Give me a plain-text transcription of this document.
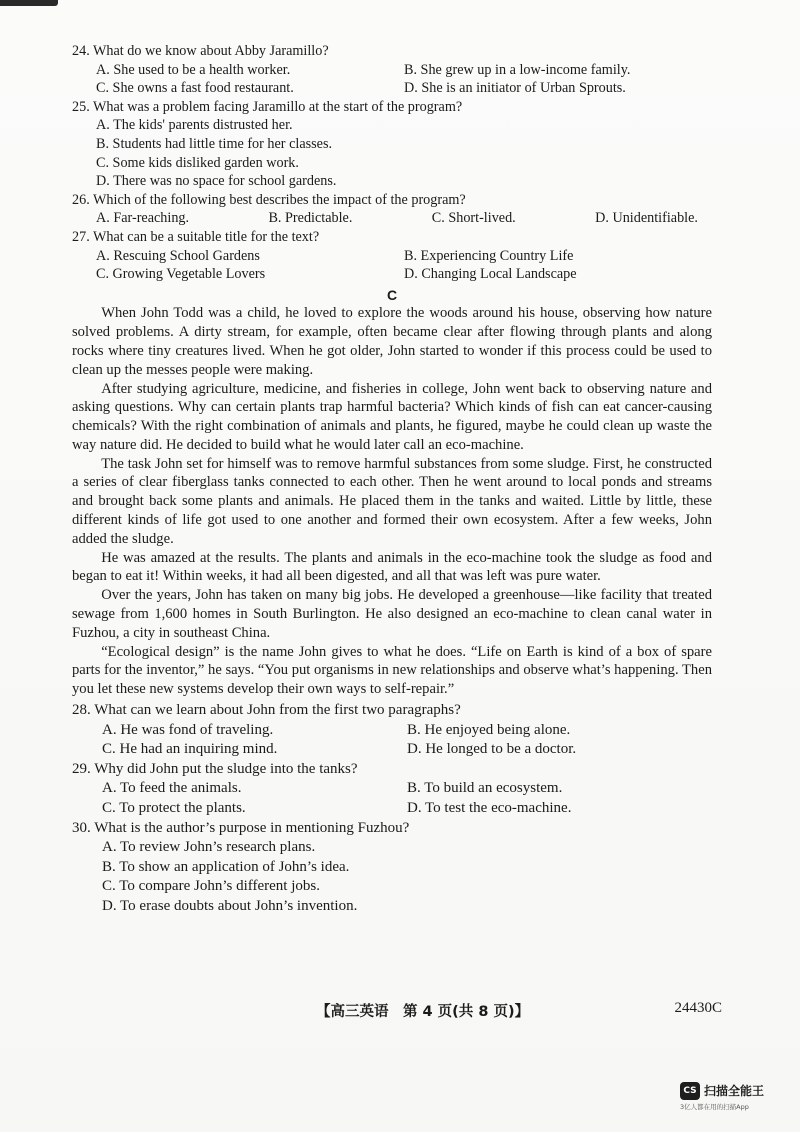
24. What do we know about Abby Jaramillo?
A. She used to be a health worker.	B. She grew up in a low-income family.
C. She owns a fast food restaurant.	D. She is an initiator of Urban Sprouts.
25. What was a problem facing Jaramillo at the start of the program?
A. The kids' parents distrusted her.
B. Students had little time for her classes.
C. Some kids disliked garden work.
D. There was no space for school gardens.
26. Which of the following best describes the impact of the program?
A. Far-reaching.	B. Predictable.	C. Short-lived.	D. Unidentifiable.
27. What can be a suitable title for the text?
A. Rescuing School Gardens	B. Experiencing Country Life
C. Growing Vegetable Lovers	D. Changing Local Landscape
C

When John Todd was a child, he loved to explore the woods around his house, observing how nature solved problems. A dirty stream, for example, often became clear after flowing through plants and along rocks where tiny creatures lived. When he got older, John started to wonder if this process could be used to clean up the messes people were making.

After studying agriculture, medicine, and fisheries in college, John went back to observing nature and asking questions. Why can certain plants trap harmful bacteria? Which kinds of fish can eat cancer-causing chemicals? With the right combination of animals and plants, he figured, maybe he could clean up waste the way nature did. He decided to build what he would later call an eco-machine.

The task John set for himself was to remove harmful substances from some sludge. First, he constructed a series of clear fiberglass tanks connected to each other. Then he went around to local ponds and streams and brought back some plants and animals. He placed them in the tanks and waited. Little by little, these different kinds of life got used to one another and formed their own ecosystem. After a few weeks, John added the sludge.

He was amazed at the results. The plants and animals in the eco-machine took the sludge as food and began to eat it! Within weeks, it had all been digested, and all that was left was pure water.

Over the years, John has taken on many big jobs. He developed a greenhouse—like facility that treated sewage from 1,600 homes in South Burlington. He also designed an eco-machine to clean canal water in Fuzhou, a city in southeast China.

“Ecological design” is the name John gives to what he does. “Life on Earth is kind of a box of spare parts for the inventor,” he says. “You put organisms in new relationships and observe what’s happening. Then you let these new systems develop their own ways to self-repair.”

28. What can we learn about John from the first two paragraphs?
A. He was fond of traveling.	B. He enjoyed being alone.
C. He had an inquiring mind.	D. He longed to be a doctor.
29. Why did John put the sludge into the tanks?
A. To feed the animals.	B. To build an ecosystem.
C. To protect the plants.	D. To test the eco-machine.
30. What is the author’s purpose in mentioning Fuzhou?
A. To review John’s research plans.
B. To show an application of John’s idea.
C. To compare John’s different jobs.
D. To erase doubts about John’s invention.
【高三英语　第 4 页(共 8 页)】	24430C
CS 扫描全能王
3亿人都在用的扫描App
